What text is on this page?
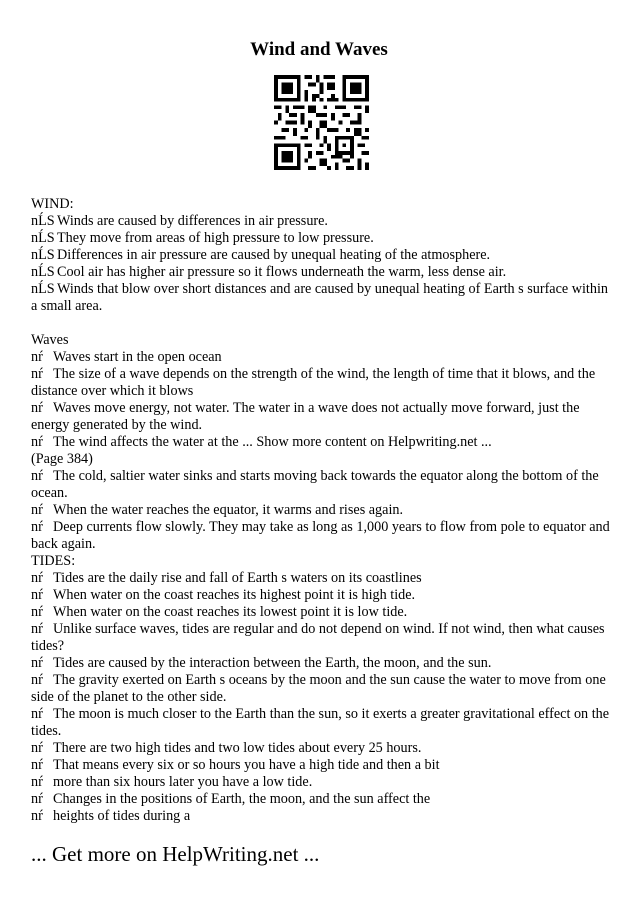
Wind and Waves

WIND:

nĹS Winds are caused by differences in air pressure.

nĹS They move from areas of high pressure to low pressure.

nĹS Differences in air pressure are caused by unequal heating of the atmosphere.

nĹS Cool air has higher air pressure so it flows underneath the warm, less dense air.

nĹS Winds that blow over short distances and are caused by unequal heating of Earth s surface within a small area.

Waves

nŕ Waves start in the open ocean

nŕ The size of a wave depends on the strength of the wind, the length of time that it blows, and the distance over which it blows

nŕ Waves move energy, not water. The water in a wave does not actually move forward, just the energy generated by the wind.

nŕ The wind affects the water at the ... Show more content on Helpwriting.net ...

(Page 384)

nŕ The cold, saltier water sinks and starts moving back towards the equator along the bottom of the ocean.

nŕ When the water reaches the equator, it warms and rises again.

nŕ Deep currents flow slowly. They may take as long as 1,000 years to flow from pole to equator and back again.

TIDES:

nŕ Tides are the daily rise and fall of Earth s waters on its coastlines

nŕ When water on the coast reaches its highest point it is high tide.

nŕ When water on the coast reaches its lowest point it is low tide.

nŕ Unlike surface waves, tides are regular and do not depend on wind. If not wind, then what causes tides?

nŕ Tides are caused by the interaction between the Earth, the moon, and the sun.

nŕ The gravity exerted on Earth s oceans by the moon and the sun cause the water to move from one side of the planet to the other side.

nŕ The moon is much closer to the Earth than the sun, so it exerts a greater gravitational effect on the tides.

nŕ There are two high tides and two low tides about every 25 hours.

nŕ That means every six or so hours you have a high tide and then a bit

nŕ more than six hours later you have a low tide.

nŕ Changes in the positions of Earth, the moon, and the sun affect the

nŕ heights of tides during a

... Get more on HelpWriting.net ...
